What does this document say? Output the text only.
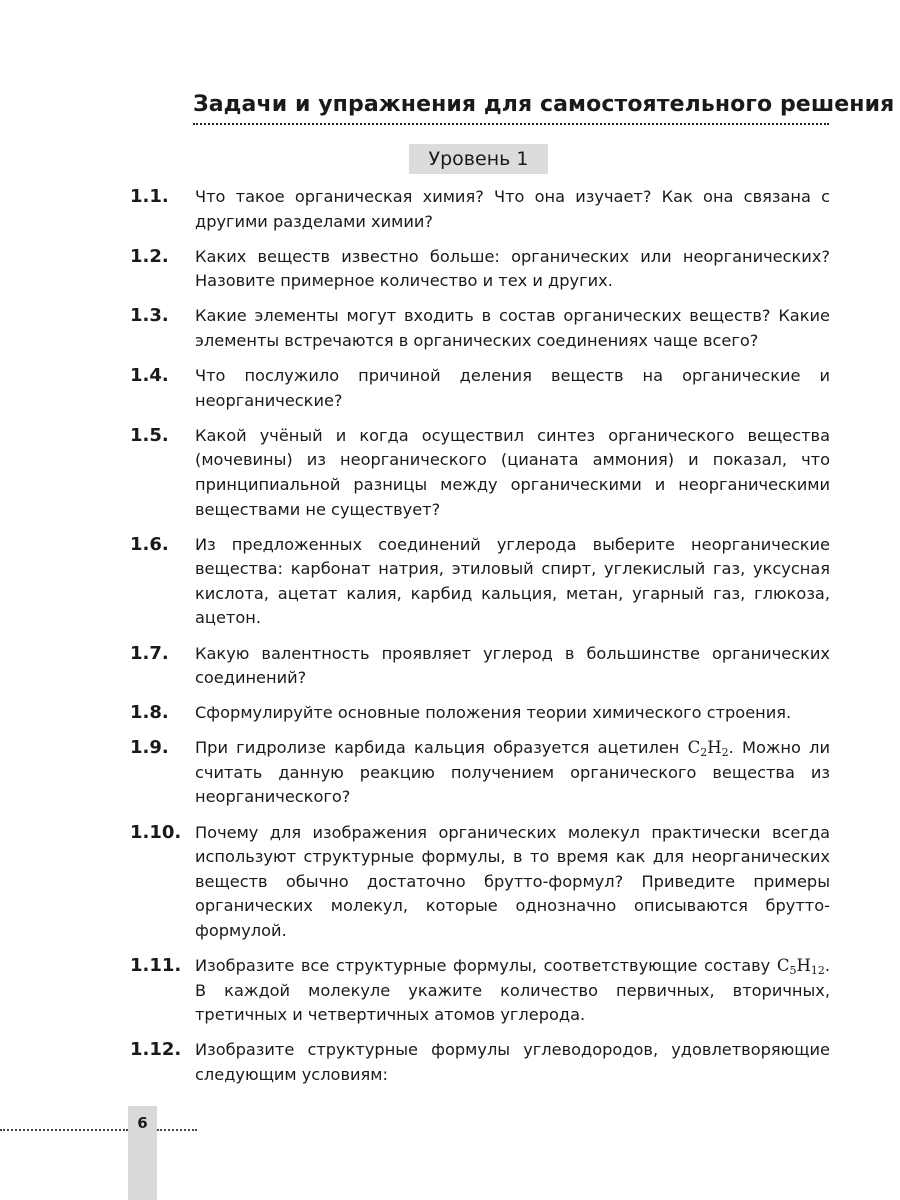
Задачи и упражнения для самостоятельного решения
Уровень 1
1.1.	Что такое органическая химия? Что она изучает? Как она связана с другими разделами химии?
1.2.	Каких веществ известно больше: органических или неорганических? Назовите примерное количество и тех и других.
1.3.	Какие элементы могут входить в состав органических веществ? Какие элементы встречаются в органических соединениях чаще всего?
1.4.	Что послужило причиной деления веществ на органические и неорганические?
1.5.	Какой учёный и когда осуществил синтез органического вещества (мочевины) из неорганического (цианата аммония) и показал, что принципиальной разницы между органическими и неорганическими веществами не существует?
1.6.	Из предложенных соединений углерода выберите неорганические вещества: карбонат натрия, этиловый спирт, углекислый газ, уксусная кислота, ацетат калия, карбид кальция, метан, угарный газ, глюкоза, ацетон.
1.7.	Какую валентность проявляет углерод в большинстве органических соединений?
1.8.	Сформулируйте основные положения теории химического строения.
1.9.	При гидролизе карбида кальция образуется ацетилен $C_2H_2$. Можно ли считать данную реакцию получением органического вещества из неорганического?
1.10. Почему для изображения органических молекул практически всегда используют структурные формулы, в то время как для неорганических веществ обычно достаточно брутто-формул? Приведите примеры органических молекул, которые однозначно описываются брутто-формулой.
1.11. Изобразите все структурные формулы, соответствующие составу $C_5H_{12}$. В каждой молекуле укажите количество первичных, вторичных, третичных и четвертичных атомов углерода.
1.12. Изобразите структурные формулы углеводородов, удовлетворяющие следующим условиям:
6
